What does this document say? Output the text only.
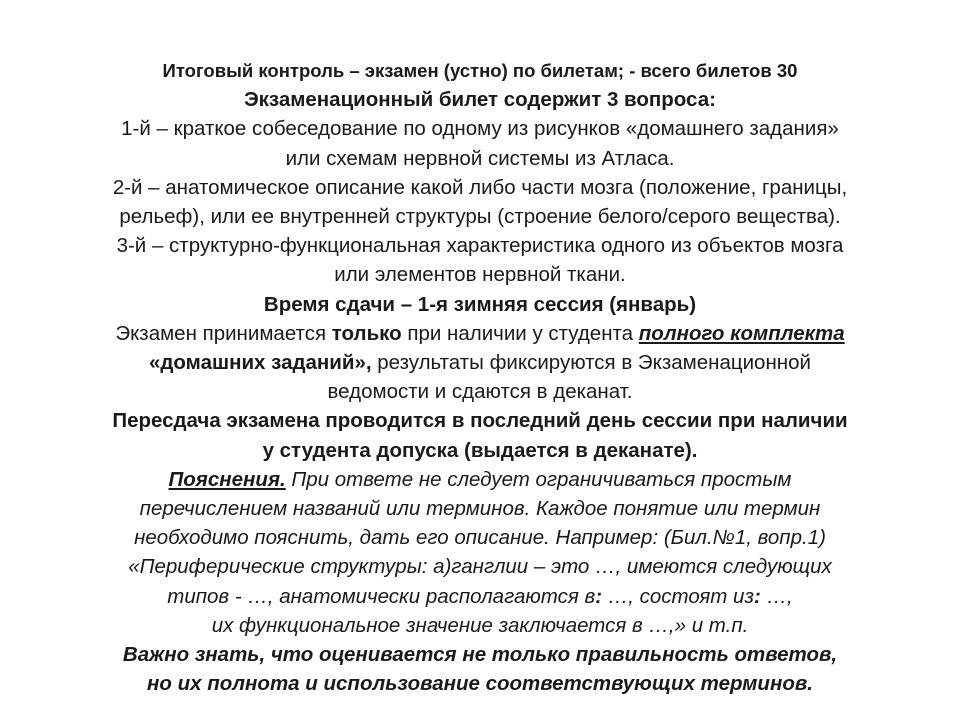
Итоговый контроль – экзамен (устно) по билетам; - всего билетов 30
Экзаменационный билет содержит 3 вопроса:
1-й – краткое собеседование по одному из рисунков «домашнего задания»
или схемам нервной системы из Атласа.
2-й – анатомическое описание какой либо части мозга (положение, границы,
рельеф), или ее внутренней структуры (строение белого/серого вещества).
3-й – структурно-функциональная характеристика одного из объектов мозга
или элементов нервной ткани.
Время сдачи – 1-я зимняя сессия (январь)
Экзамен принимается только при наличии у студента полного комплекта
«домашних заданий», результаты фиксируются в Экзаменационной
ведомости и сдаются в деканат.
Пересдача экзамена проводится в последний день сессии при наличии
у студента допуска (выдается в деканате).
Пояснения. При ответе не следует ограничиваться простым
перечислением названий или терминов. Каждое понятие или термин
необходимо пояснить, дать его описание. Например: (Бил.№1, вопр.1)
«Периферические структуры: а)ганглии – это …, имеются следующих
типов - …, анатомически располагаются в: …, состоят из: …,
их функциональное значение заключается в …,» и т.п.
Важно знать, что оценивается не только правильность ответов,
но их полнота и использование соответствующих терминов.
